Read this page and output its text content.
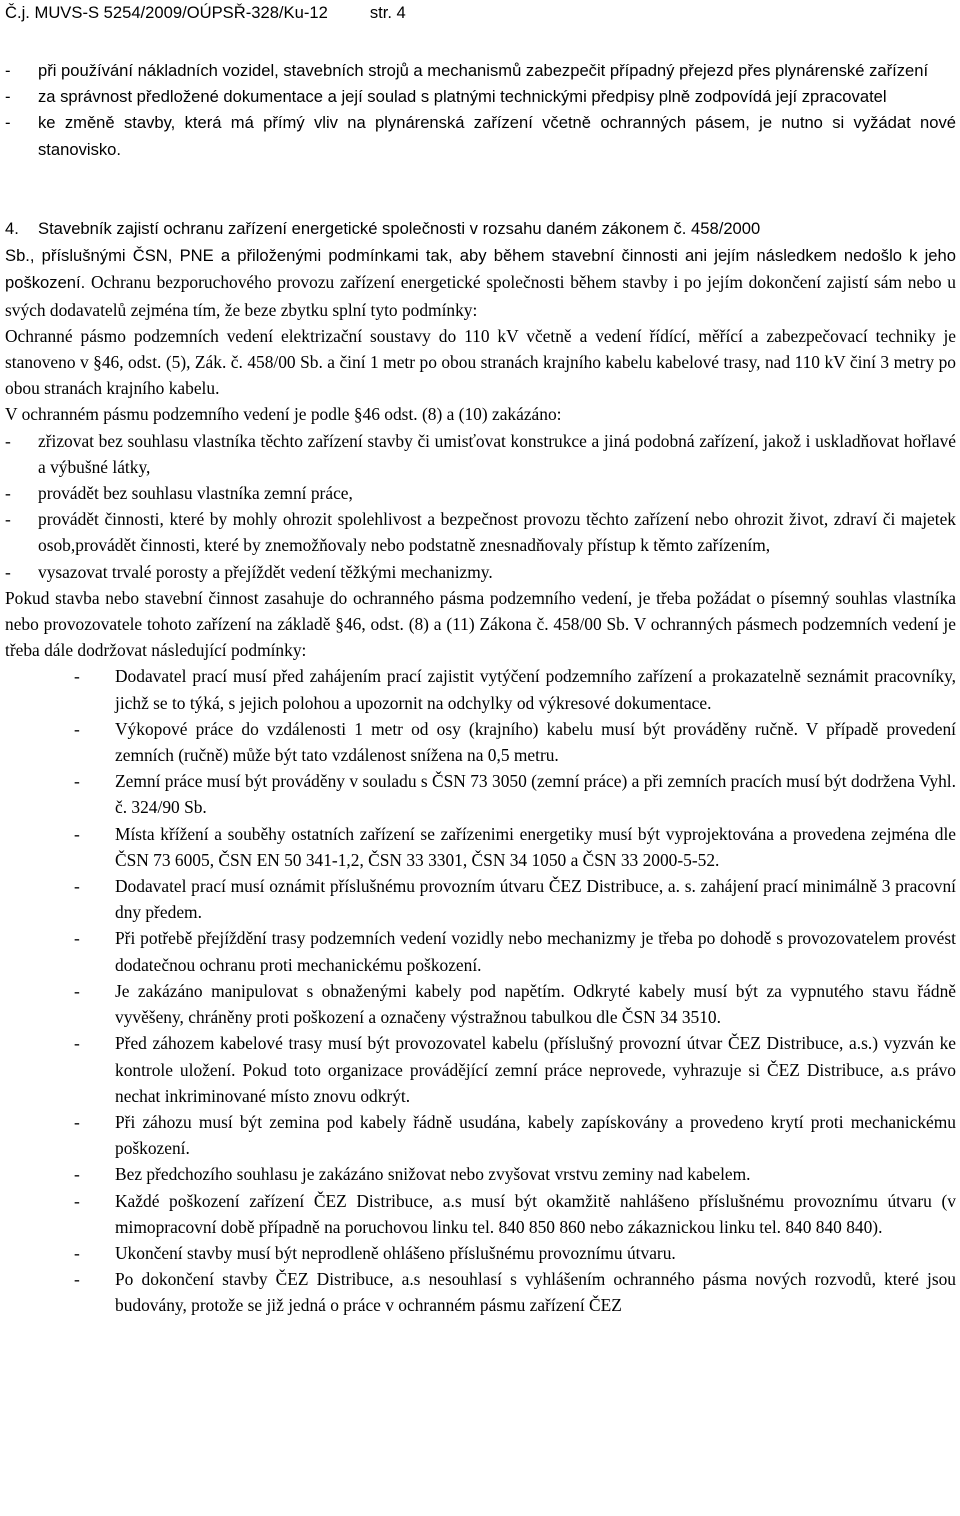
Č.j. MUVS-S 5254/2009/OÚPSŘ-328/Ku-12	str. 4
-	při používání nákladních vozidel, stavebních strojů a mechanismů zabezpečit případný přejezd přes plynárenské zařízení
-	za správnost předložené dokumentace a její soulad s platnými technickými předpisy plně zodpovídá její zpracovatel
-	ke změně stavby, která má přímý vliv na plynárenská zařízení včetně ochranných pásem, je nutno si vyžádat nové stanovisko.
4.	Stavebník zajistí ochranu zařízení energetické společnosti v rozsahu daném zákonem č. 458/2000

Sb., příslušnými ČSN, PNE a přiloženými podmínkami tak, aby během stavební činnosti ani jejím následkem nedošlo k jeho poškození. Ochranu bezporuchového provozu zařízení energetické společnosti během stavby i po jejím dokončení zajistí sám nebo u svých dodavatelů zejména tím, že beze zbytku splní tyto podmínky:

Ochranné pásmo podzemních vedení elektrizační soustavy do 110 kV včetně a vedení řídící, měřící a zabezpečovací techniky je stanoveno v §46, odst. (5), Zák. č. 458/00 Sb. a činí 1 metr po obou stranách krajního kabelu kabelové trasy, nad 110 kV činí 3 metry po obou stranách krajního kabelu.

V ochranném pásmu podzemního vedení je podle §46 odst. (8) a (10) zakázáno:

-	zřizovat bez souhlasu vlastníka těchto zařízení stavby či umisťovat konstrukce a jiná podobná zařízení, jakož i uskladňovat hořlavé a výbušné látky,
-	provádět bez souhlasu vlastníka zemní práce,
-	provádět činnosti, které by mohly ohrozit spolehlivost a bezpečnost provozu těchto zařízení nebo ohrozit život, zdraví či majetek osob,provádět činnosti, které by znemožňovaly nebo podstatně znesnadňovaly přístup k těmto zařízením,
-	vysazovat trvalé porosty a přejíždět vedení těžkými mechanizmy.

Pokud stavba nebo stavební činnost zasahuje do ochranného pásma podzemního vedení, je třeba požádat o písemný souhlas vlastníka nebo provozovatele tohoto zařízení na základě §46, odst. (8) a (11) Zákona č. 458/00 Sb. V ochranných pásmech podzemních vedení je třeba dále dodržovat následující podmínky:

-	Dodavatel prací musí před zahájením prací zajistit vytýčení podzemního zařízení a prokazatelně seznámit pracovníky, jichž se to týká, s jejich polohou a upozornit na odchylky od výkresové dokumentace.
-	Výkopové práce do vzdálenosti 1 metr od osy (krajního) kabelu musí být prováděny ručně. V případě provedení zemních (ručně) může být tato vzdálenost snížena na 0,5 metru.
-	Zemní práce musí být prováděny v souladu s ČSN 73 3050 (zemní práce) a při zemních pracích musí být dodržena Vyhl. č. 324/90 Sb.
-	Místa křížení a souběhy ostatních zařízení se zařízenimi energetiky musí být vyprojektována a provedena zejména dle ČSN 73 6005, ČSN EN 50 341-1,2, ČSN 33 3301, ČSN 34 1050 a ČSN 33 2000-5-52.
-	Dodavatel prací musí oznámit příslušnému provozním útvaru ČEZ Distribuce, a. s. zahájení prací minimálně 3 pracovní dny předem.
-	Při potřebě přejíždění trasy podzemních vedení vozidly nebo mechanizmy je třeba po dohodě s provozovatelem provést dodatečnou ochranu proti mechanickému poškození.
-	Je zakázáno manipulovat s obnaženými kabely pod napětím. Odkryté kabely musí být za vypnutého stavu řádně vyvěšeny, chráněny proti poškození a označeny výstražnou tabulkou dle ČSN 34 3510.
-	Před záhozem kabelové trasy musí být provozovatel kabelu (příslušný provozní útvar ČEZ Distribuce, a.s.) vyzván ke kontrole uložení. Pokud toto organizace provádějící zemní práce neprovede, vyhrazuje si ČEZ Distribuce, a.s právo nechat inkriminované místo znovu odkrýt.
-	Při záhozu musí být zemina pod kabely řádně usudána, kabely zapískovány a provedeno krytí proti mechanickému poškození.
-	Bez předchozího souhlasu je zakázáno snižovat nebo zvyšovat vrstvu zeminy nad kabelem.
-	Každé poškození zařízení ČEZ Distribuce, a.s musí být okamžitě nahlášeno příslušnému provoznímu útvaru (v mimopracovní době případně na poruchovou linku tel. 840 850 860 nebo zákaznickou linku tel. 840 840 840).
-	Ukončení stavby musí být neprodleně ohlášeno příslušnému provoznímu útvaru.
-	Po dokončení stavby ČEZ Distribuce, a.s nesouhlasí s vyhlášením ochranného pásma nových rozvodů, které jsou budovány, protože se již jedná o práce v ochranném pásmu zařízení ČEZ
